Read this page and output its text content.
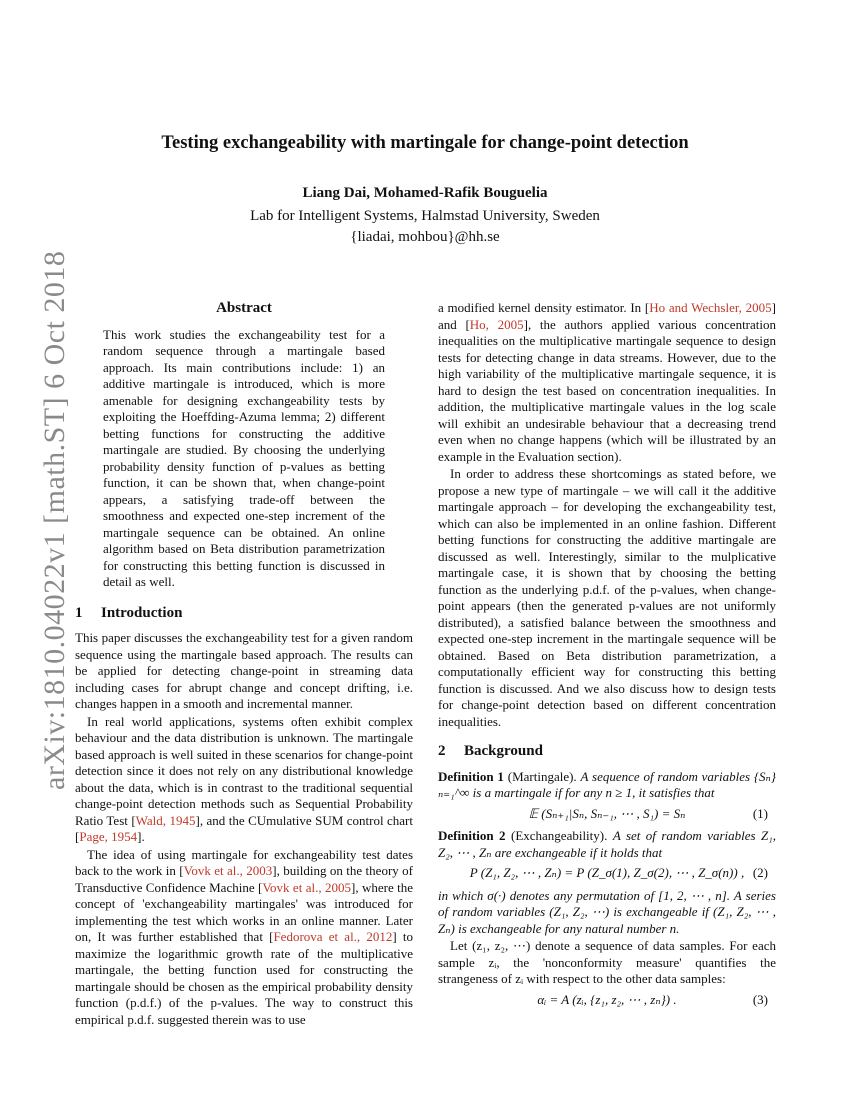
arXiv:1810.04022v1 [math.ST] 6 Oct 2018
Testing exchangeability with martingale for change-point detection
Liang Dai, Mohamed-Rafik Bouguelia
Lab for Intelligent Systems, Halmstad University, Sweden
{liadai, mohbou}@hh.se
Abstract
This work studies the exchangeability test for a random sequence through a martingale based approach. Its main contributions include: 1) an additive martingale is introduced, which is more amenable for designing exchangeability tests by exploiting the Hoeffding-Azuma lemma; 2) different betting functions for constructing the additive martingale are studied. By choosing the underlying probability density function of p-values as betting function, it can be shown that, when change-point appears, a satisfying trade-off between the smoothness and expected one-step increment of the martingale sequence can be obtained. An online algorithm based on Beta distribution parametrization for constructing this betting function is discussed in detail as well.
1 Introduction

This paper discusses the exchangeability test for a given random sequence using the martingale based approach. The results can be applied for detecting change-point in streaming data including cases for abrupt change and concept drifting, i.e. changes happen in a smooth and incremental manner.

In real world applications, systems often exhibit complex behaviour and the data distribution is unknown. The martingale based approach is well suited in these scenarios for change-point detection since it does not rely on any distributional knowledge about the data, which is in contrast to the traditional sequential change-point detection methods such as Sequential Probability Ratio Test [Wald, 1945], and the CUmulative SUM control chart [Page, 1954].

The idea of using martingale for exchangeability test dates back to the work in [Vovk et al., 2003], building on the theory of Transductive Confidence Machine [Vovk et al., 2005], where the concept of 'exchangeability martingales' was introduced for implementing the test which works in an online manner. Later on, It was further established that [Fedorova et al., 2012] to maximize the logarithmic growth rate of the multiplicative martingale, the betting function used for constructing the martingale should be chosen as the empirical probability density function (p.d.f.) of the p-values. The way to construct this empirical p.d.f. suggested therein was to use

a modified kernel density estimator. In [Ho and Wechsler, 2005] and [Ho, 2005], the authors applied various concentration inequalities on the multiplicative martingale sequence to design tests for detecting change in data streams. However, due to the high variability of the multiplicative martingale sequence, it is hard to design the test based on concentration inequalities. In addition, the multiplicative martingale values in the log scale will exhibit an undesirable behaviour that a decreasing trend even when no change happens (which will be illustrated by an example in the Evaluation section).

In order to address these shortcomings as stated before, we propose a new type of martingale – we will call it the additive martingale approach – for developing the exchangeability test, which can also be implemented in an online fashion. Different betting functions for constructing the additive martingale are discussed as well. Interestingly, similar to the mulplicative martingale case, it is shown that by choosing the betting function as the underlying p.d.f. of the p-values, when change-point appears (then the generated p-values are not uniformly distributed), a satisfied balance between the smoothness and expected one-step increment in the martingale sequence will be obtained. Based on Beta distribution parametrization, a computationally efficient way for constructing this betting function is discussed. And we also discuss how to design tests for change-point detection based on different concentration inequalities.

2 Background
Definition 1 (Martingale). A sequence of random variables {Sₙ}ₙ₌₁^∞ is a martingale if for any n ≥ 1, it satisfies that
𝔼 (Sₙ₊₁|Sₙ, Sₙ₋₁, ⋯ , S₁) = Sₙ	(1)
Definition 2 (Exchangeability). A set of random variables Z₁, Z₂, ⋯ , Zₙ are exchangeable if it holds that
P (Z₁, Z₂, ⋯ , Zₙ) = P (Z_σ(1), Z_σ(2), ⋯ , Z_σ(n)) , (2)

in which σ(·) denotes any permutation of [1, 2, ⋯ , n]. A series of random variables (Z₁, Z₂, ⋯) is exchangeable if (Z₁, Z₂, ⋯ , Zₙ) is exchangeable for any natural number n.

Let (z₁, z₂, ⋯) denote a sequence of data samples. For each sample zᵢ, the 'nonconformity measure' quantifies the strangeness of zᵢ with respect to the other data samples:

αᵢ = A (zᵢ, {z₁, z₂, ⋯ , zₙ}) .	(3)
